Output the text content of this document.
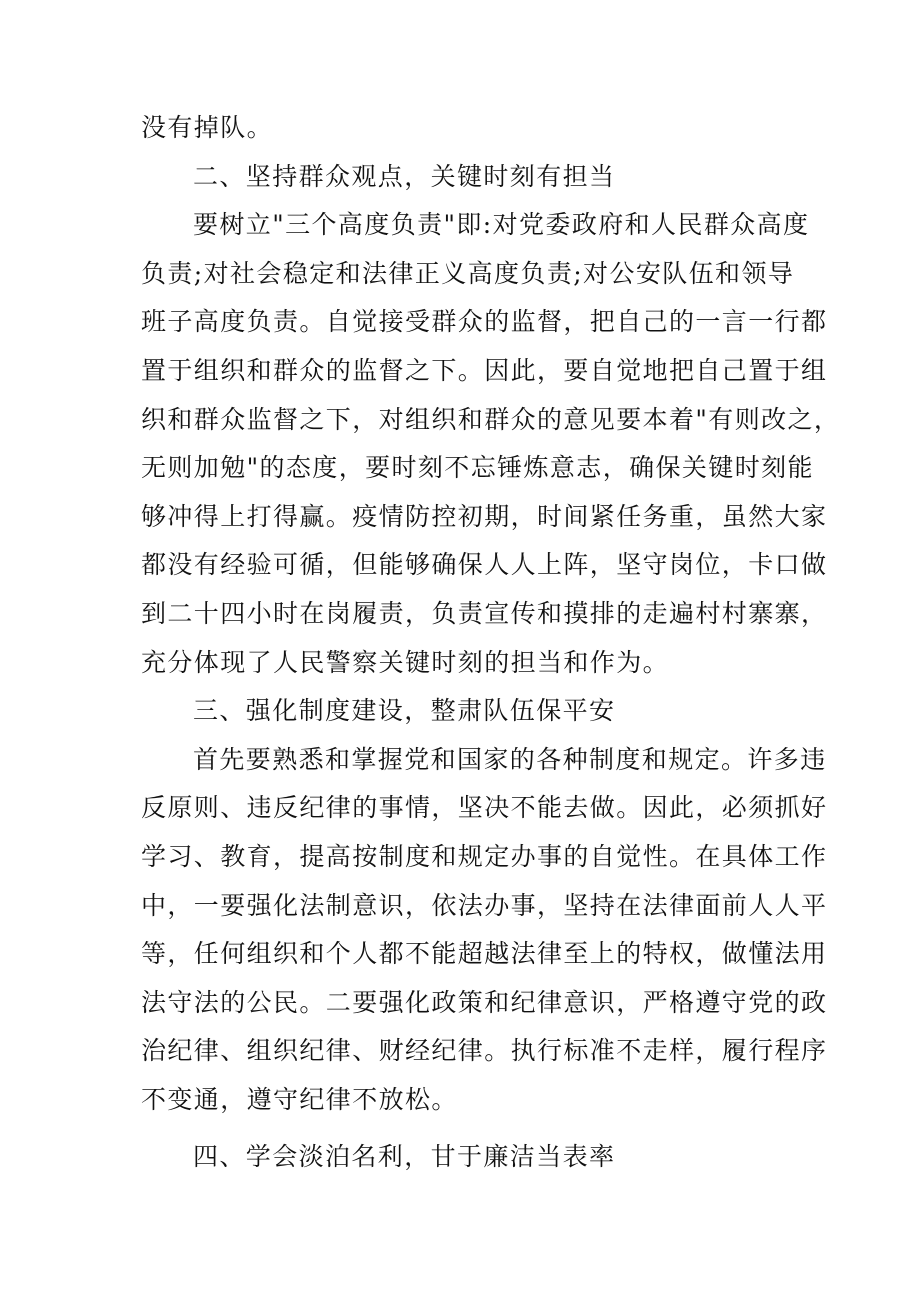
没有掉队。
二、坚持群众观点，关键时刻有担当
要树立"三个高度负责"即:对党委政府和人民群众高度
负责;对社会稳定和法律正义高度负责;对公安队伍和领导
班子高度负责。自觉接受群众的监督，把自己的一言一行都
置于组织和群众的监督之下。因此，要自觉地把自己置于组
织和群众监督之下，对组织和群众的意见要本着"有则改之，
无则加勉"的态度，要时刻不忘锤炼意志，确保关键时刻能
够冲得上打得赢。疫情防控初期，时间紧任务重，虽然大家
都没有经验可循，但能够确保人人上阵，坚守岗位，卡口做
到二十四小时在岗履责，负责宣传和摸排的走遍村村寨寨，
充分体现了人民警察关键时刻的担当和作为。
三、强化制度建设，整肃队伍保平安
首先要熟悉和掌握党和国家的各种制度和规定。许多违
反原则、违反纪律的事情，坚决不能去做。因此，必须抓好
学习、教育，提高按制度和规定办事的自觉性。在具体工作
中，一要强化法制意识，依法办事，坚持在法律面前人人平
等，任何组织和个人都不能超越法律至上的特权，做懂法用
法守法的公民。二要强化政策和纪律意识，严格遵守党的政
治纪律、组织纪律、财经纪律。执行标准不走样，履行程序
不变通，遵守纪律不放松。
四、学会淡泊名利，甘于廉洁当表率
